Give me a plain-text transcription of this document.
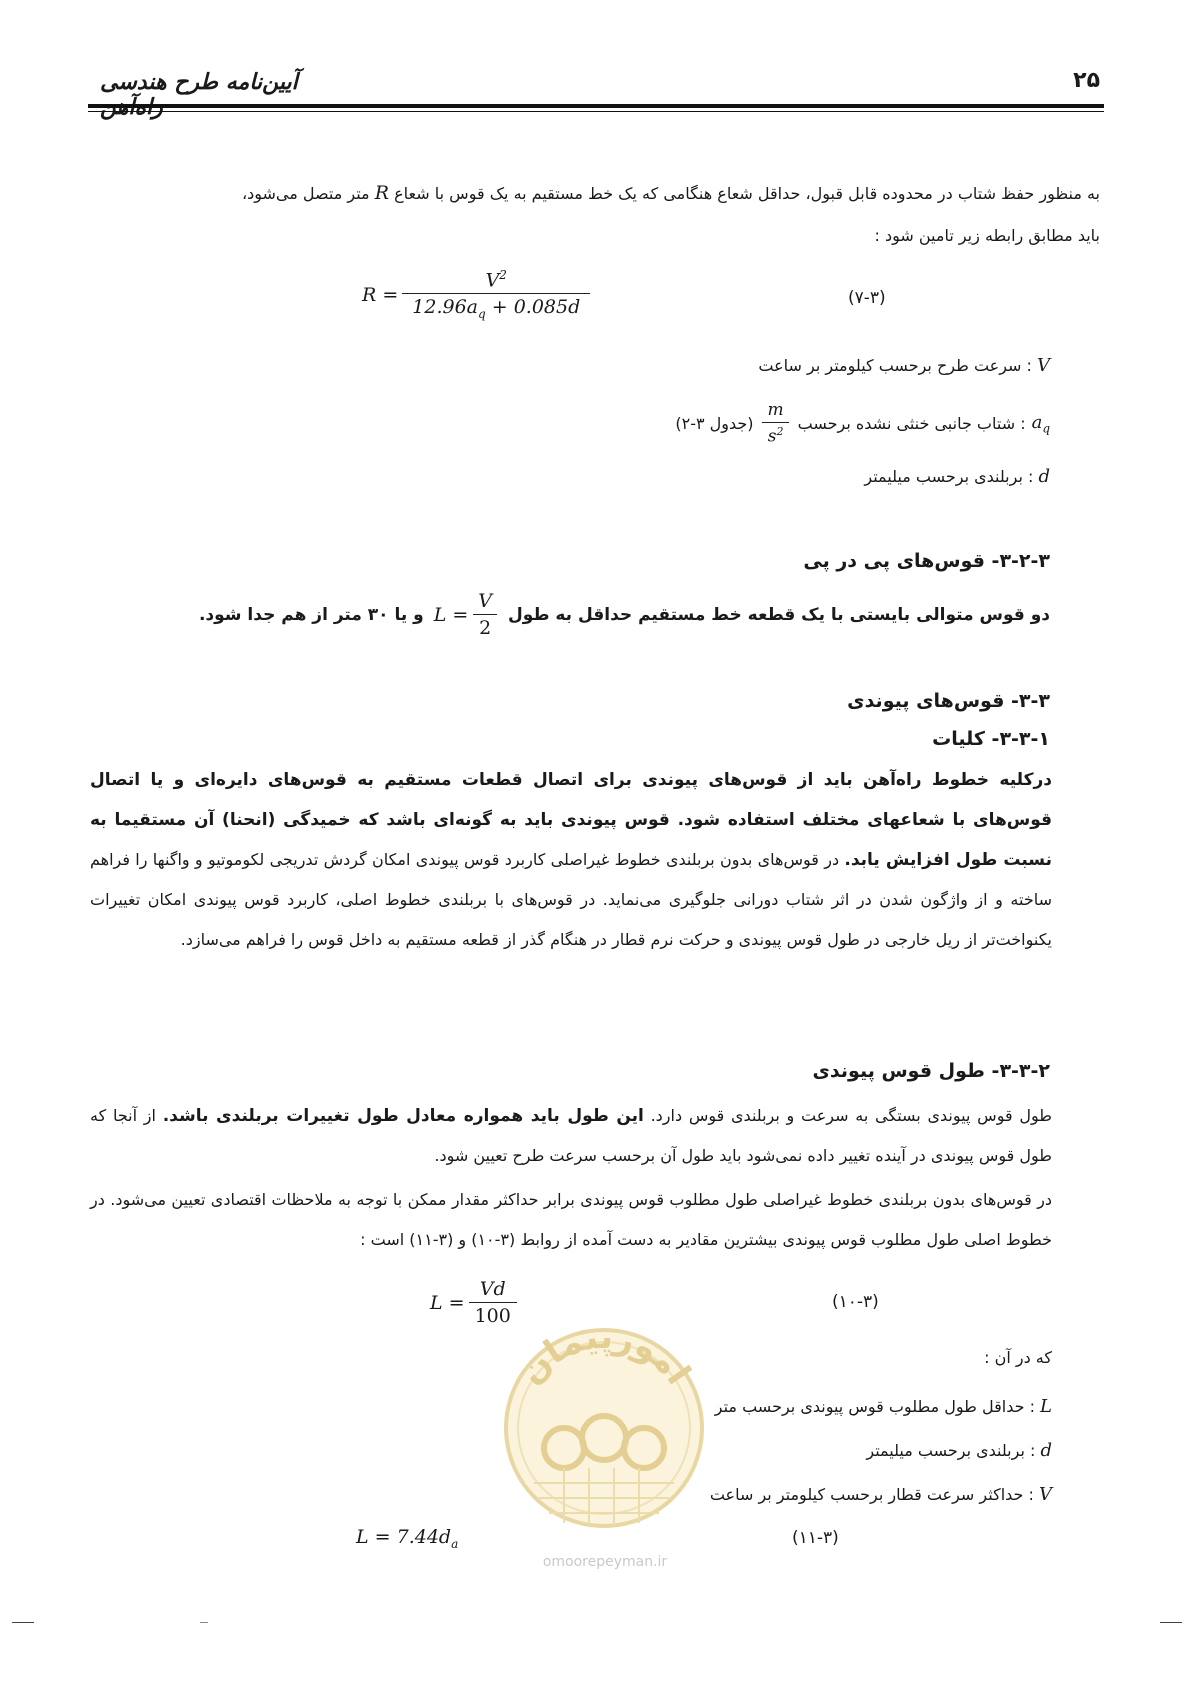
آیین‌نامه طرح هندسی	۲۵
به منظور حفظ شتاب در محدوده قابل قبول، حداقل شعاع هنگامی که یک خط مستقیم به یک قوس با شعاع R متر متصل می‌شود،
باید مطابق رابطه زیر تامین شود :
$R = \frac{V^2}{12.96a_q + 0.085d}$	(۷-۳)
V : سرعت طرح برحسب کیلومتر بر ساعت
$a_q$
: شتاب جانبی خنثی نشده برحسب
$\frac{m}{s^2}$
(جدول ۳-۲)
d : بربلندی برحسب میلیمتر
۳-۲-۳- قوس‌های پی در پی
دو قوس متوالی بایستی با یک قطعه خط مستقیم حداقل به طول
$L = \frac{V}{2}$
و یا ۳۰ متر از هم جدا شود.
۳-۳- قوس‌های پیوندی
۳-۳-۱- کلیات
درکلیه خطوط راه‌آهن باید از قوس‌های پیوندی برای اتصال قطعات مستقیم به قوس‌های دایره‌ای و یا اتصال قوس‌های با شعاعهای مختلف استفاده شود. قوس پیوندی باید به گونه‌ای باشد که خمیدگی (انحنا) آن مستقیما به نسبت طول افزایش یابد. در قوس‌های بدون بربلندی خطوط غیراصلی کاربرد قوس پیوندی امکان گردش تدریجی لکوموتیو و واگنها را فراهم ساخته و از واژگون شدن در اثر شتاب دورانی جلوگیری می‌نماید. در قوس‌های با بربلندی خطوط اصلی، کاربرد قوس پیوندی امکان تغییرات یکنواخت‌تر از ریل خارجی در طول قوس پیوندی و حرکت نرم قطار در هنگام گذر از قطعه مستقیم به داخل قوس را فراهم می‌سازد.
۳-۳-۲- طول قوس پیوندی
طول قوس پیوندی بستگی به سرعت و بربلندی قوس دارد. این طول باید همواره معادل طول تغییرات بربلندی باشد. از آنجا که طول قوس پیوندی در آینده تغییر داده نمی‌شود باید طول آن برحسب سرعت طرح تعیین شود.
در قوس‌های بدون بربلندی خطوط غیراصلی طول مطلوب قوس پیوندی برابر حداکثر مقدار ممکن با توجه به ملاحظات اقتصادی تعیین می‌شود. در خطوط اصلی طول مطلوب قوس پیوندی بیشترین مقادیر به دست آمده از روابط (۳-۱۰) و (۳-۱۱) است :
$L = \frac{Vd}{100}$	(۱۰-۳)
که در آن :
امورپیمان
omoorepeyman.ir
L : حداقل طول مطلوب قوس پیوندی برحسب متر
d : بربلندی برحسب میلیمتر
V : حداکثر سرعت قطار برحسب کیلومتر بر ساعت
$L = 7.44d_a$	(۱۱-۳)
